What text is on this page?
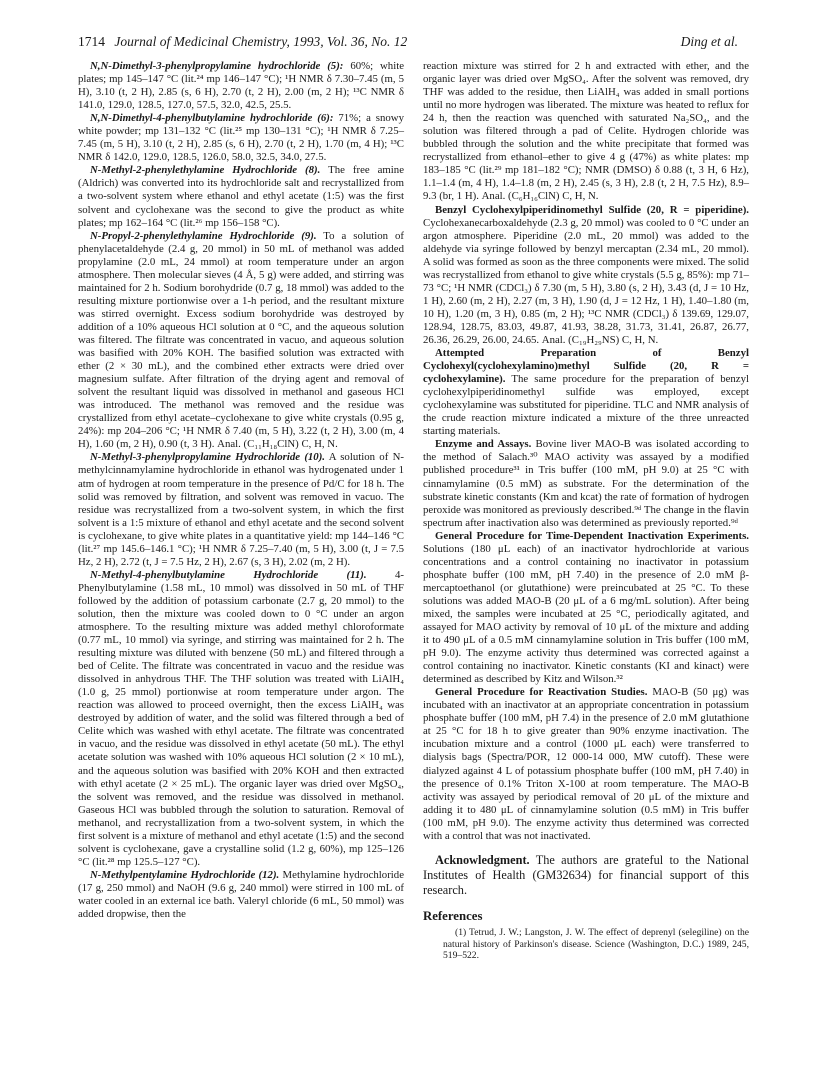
1714 Journal of Medicinal Chemistry, 1993, Vol. 36, No. 12	Ding et al.

N,N-Dimethyl-3-phenylpropylamine hydrochloride (5): 60%; white plates; mp 145–147 °C (lit.²⁴ mp 146–147 °C); ¹H NMR δ 7.30–7.45 (m, 5 H), 3.10 (t, 2 H), 2.85 (s, 6 H), 2.70 (t, 2 H), 2.00 (m, 2 H); ¹³C NMR δ 141.0, 129.0, 128.5, 127.0, 57.5, 32.0, 42.5, 25.5.

N,N-Dimethyl-4-phenylbutylamine hydrochloride (6): 71%; a snowy white powder; mp 131–132 °C (lit.²⁵ mp 130–131 °C); ¹H NMR δ 7.25–7.45 (m, 5 H), 3.10 (t, 2 H), 2.85 (s, 6 H), 2.70 (t, 2 H), 1.70 (m, 4 H); ¹³C NMR δ 142.0, 129.0, 128.5, 126.0, 58.0, 32.5, 34.0, 27.5.

N-Methyl-2-phenylethylamine Hydrochloride (8). The free amine (Aldrich) was converted into its hydrochloride salt and recrystallized from a two-solvent system where ethanol and ethyl acetate (1:5) was the first solvent and cyclohexane was the second to give the product as white plates; mp 162–164 °C (lit.²⁶ mp 156–158 °C).

N-Propyl-2-phenylethylamine Hydrochloride (9). To a solution of phenylacetaldehyde (2.4 g, 20 mmol) in 50 mL of methanol was added propylamine (2.0 mL, 24 mmol) at room temperature under an argon atmosphere. Then molecular sieves (4 Å, 5 g) were added, and stirring was maintained for 2 h. Sodium borohydride (0.7 g, 18 mmol) was added to the resulting mixture portionwise over a 1-h period, and the resultant mixture was stirred overnight. Excess sodium borohydride was destroyed by addition of a 10% aqueous HCl solution at 0 °C, and the aqueous solution was filtered. The filtrate was concentrated in vacuo, and aqueous solution was basified with 20% KOH. The basified solution was extracted with ether (2 × 30 mL), and the combined ether extracts were dried over magnesium sulfate. After filtration of the drying agent and removal of solvent the resultant liquid was dissolved in methanol and gaseous HCl was introduced. The methanol was removed and the residue was crystallized from ethyl acetate–cyclohexane to give white crystals (0.95 g, 24%): mp 204–206 °C; ¹H NMR δ 7.40 (m, 5 H), 3.22 (t, 2 H), 3.00 (m, 4 H), 1.60 (m, 2 H), 0.90 (t, 3 H). Anal. (C₁₁H₁₈ClN) C, H, N.

N-Methyl-3-phenylpropylamine Hydrochloride (10). A solution of N-methylcinnamylamine hydrochloride in ethanol was hydrogenated under 1 atm of hydrogen at room temperature in the presence of Pd/C for 18 h. The solid was removed by filtration, and solvent was removed in vacuo. The residue was recrystallized from a two-solvent system, in which the first solvent is a 1:5 mixture of ethanol and ethyl acetate and the second solvent is cyclohexane, to give white plates in a quantitative yield: mp 144–146 °C (lit.²⁷ mp 145.6–146.1 °C); ¹H NMR δ 7.25–7.40 (m, 5 H), 3.00 (t, J = 7.5 Hz, 2 H), 2.72 (t, J = 7.5 Hz, 2 H), 2.67 (s, 3 H), 2.02 (m, 2 H).

N-Methyl-4-phenylbutylamine Hydrochloride (11).	4-Phenylbutylamine (1.58 mL, 10 mmol) was dissolved in 50 mL of THF followed by the addition of potassium carbonate (2.7 g, 20 mmol) to the solution, then the mixture was cooled down to 0 °C under an argon atmosphere. To the resulting mixture was added methyl chloroformate (0.77 mL, 10 mmol) via syringe, and stirring was maintained for 2 h. The resulting mixture was diluted with benzene (50 mL) and filtered through a bed of Celite. The filtrate was concentrated in vacuo and the residue was dissolved in anhydrous THF. The THF solution was treated with LiAlH₄ (1.0 g, 25 mmol) portionwise at room temperature under argon. The reaction was allowed to proceed overnight, then the excess LiAlH₄ was destroyed by addition of water, and the solid was filtered through a bed of Celite which was washed with ethyl acetate. The filtrate was concentrated in vacuo, and the residue was dissolved in ethyl acetate (50 mL). The ethyl acetate solution was washed with 10% aqueous HCl solution (2 × 10 mL), and the aqueous solution was basified with 20% KOH and then extracted with ethyl acetate (2 × 25 mL). The organic layer was dried over MgSO₄, the solvent was removed, and the residue was dissolved in methanol. Gaseous HCl was bubbled through the solution to saturation. Removal of methanol, and recrystallization from a two-solvent system, in which the first solvent is a mixture of methanol and ethyl acetate (1:5) and the second solvent is cyclohexane, gave a crystalline solid (1.2 g, 60%), mp 125–126 °C (lit.²⁸ mp 125.5–127 °C).

N-Methylpentylamine Hydrochloride (12). Methylamine hydrochloride (17 g, 250 mmol) and NaOH (9.6 g, 240 mmol) were stirred in 100 mL of water cooled in an external ice bath. Valeryl chloride (6 mL, 50 mmol) was added dropwise, then the

reaction mixture was stirred for 2 h and extracted with ether, and the organic layer was dried over MgSO₄. After the solvent was removed, dry THF was added to the residue, then LiAlH₄ was added in small portions until no more hydrogen was liberated. The mixture was heated to reflux for 24 h, then the reaction was quenched with saturated Na₂SO₄, and the solution was filtered through a pad of Celite. Hydrogen chloride was bubbled through the solution and the white precipitate that formed was recrystallized from ethanol–ether to give 4 g (47%) as white plates: mp 183–185 °C (lit.²⁹ mp 181–182 °C); NMR (DMSO) δ 0.88 (t, 3 H, 6 Hz), 1.1–1.4 (m, 4 H), 1.4–1.8 (m, 2 H), 2.45 (s, 3 H), 2.8 (t, 2 H, 7.5 Hz), 8.9–9.3 (br, 1 H). Anal. (C₆H₁₆ClN) C, H, N.

Benzyl Cyclohexylpiperidinomethyl Sulfide (20, R = piperidine). Cyclohexanecarboxaldehyde (2.3 g, 20 mmol) was cooled to 0 °C under an argon atmosphere. Piperidine (2.0 mL, 20 mmol) was added to the aldehyde via syringe followed by benzyl mercaptan (2.34 mL, 20 mmol). A solid was formed as soon as the three components were mixed. The solid was recrystallized from ethanol to give white crystals (5.5 g, 85%): mp 71–73 °C; ¹H NMR (CDCl₃) δ 7.30 (m, 5 H), 3.80 (s, 2 H), 3.43 (d, J = 10 Hz, 1 H), 2.60 (m, 2 H), 2.27 (m, 3 H), 1.90 (d, J = 12 Hz, 1 H), 1.40–1.80 (m, 10 H), 1.20 (m, 3 H), 0.85 (m, 2 H); ¹³C NMR (CDCl₃) δ 139.69, 129.07, 128.94, 128.75, 83.03, 49.87, 41.93, 38.28, 31.73, 31.41, 26.87, 26.77, 26.36, 26.29, 26.00, 24.65. Anal. (C₁₉H₂₉NS) C, H, N.

Attempted Preparation of Benzyl Cyclohexyl(cyclohexylamino)methyl Sulfide (20, R = cyclohexylamine). The same procedure for the preparation of benzyl cyclohexylpiperidinomethyl sulfide was employed, except cyclohexylamine was substituted for piperidine. TLC and NMR analysis of the crude reaction mixture indicated a mixture of the three unreacted starting materials.

Enzyme and Assays. Bovine liver MAO-B was isolated according to the method of Salach.³⁰ MAO activity was assayed by a modified published procedure³¹ in Tris buffer (100 mM, pH 9.0) at 25 °C with cinnamylamine (0.5 mM) as substrate. For the determination of the substrate kinetic constants (Km and kcat) the rate of formation of hydrogen peroxide was monitored as previously described.⁹ᵈ The change in the flavin spectrum after inactivation also was determined as previously reported.⁹ᵈ

General Procedure for Time-Dependent Inactivation Experiments. Solutions (180 μL each) of an inactivator hydrochloride at various concentrations and a control containing no inactivator in potassium phosphate buffer (100 mM, pH 7.40) in the presence of 2.0 mM β-mercaptoethanol (or glutathione) were preincubated at 25 °C. To these solutions was added MAO-B (20 μL of a 6 mg/mL solution). After being mixed, the samples were incubated at 25 °C, periodically agitated, and assayed for MAO activity by removal of 10 μL of the mixture and adding it to 490 μL of a 0.5 mM cinnamylamine solution in Tris buffer (100 mM, pH 9.0). The enzyme activity thus determined was corrected against a control containing no inactivator. Kinetic constants (KI and kinact) were determined as described by Kitz and Wilson.³²

General Procedure for Reactivation Studies. MAO-B (50 μg) was incubated with an inactivator at an appropriate concentration in potassium phosphate buffer (100 mM, pH 7.4) in the presence of 2.0 mM glutathione at 25 °C for 18 h to give greater than 90% enzyme inactivation. The incubation mixture and a control (1000 μL each) were transferred to dialysis bags (Spectra/POR, 12 000-14 000, MW cutoff). These were dialyzed against 4 L of potassium phosphate buffer (100 mM, pH 7.40) in the presence of 0.1% Triton X-100 at room temperature. The MAO-B activity was assayed by periodical removal of 20 μL of the mixture and adding it to 480 μL of cinnamylamine solution (0.5 mM) in Tris buffer (100 mM, pH 9.0). The enzyme activity thus determined was corrected with a control that was not inactivated.

Acknowledgment. The authors are grateful to the National Institutes of Health (GM32634) for financial support of this research.

References

(1) Tetrud, J. W.; Langston, J. W. The effect of deprenyl (selegiline) on the natural history of Parkinson's disease. Science (Washington, D.C.) 1989, 245, 519–522.
